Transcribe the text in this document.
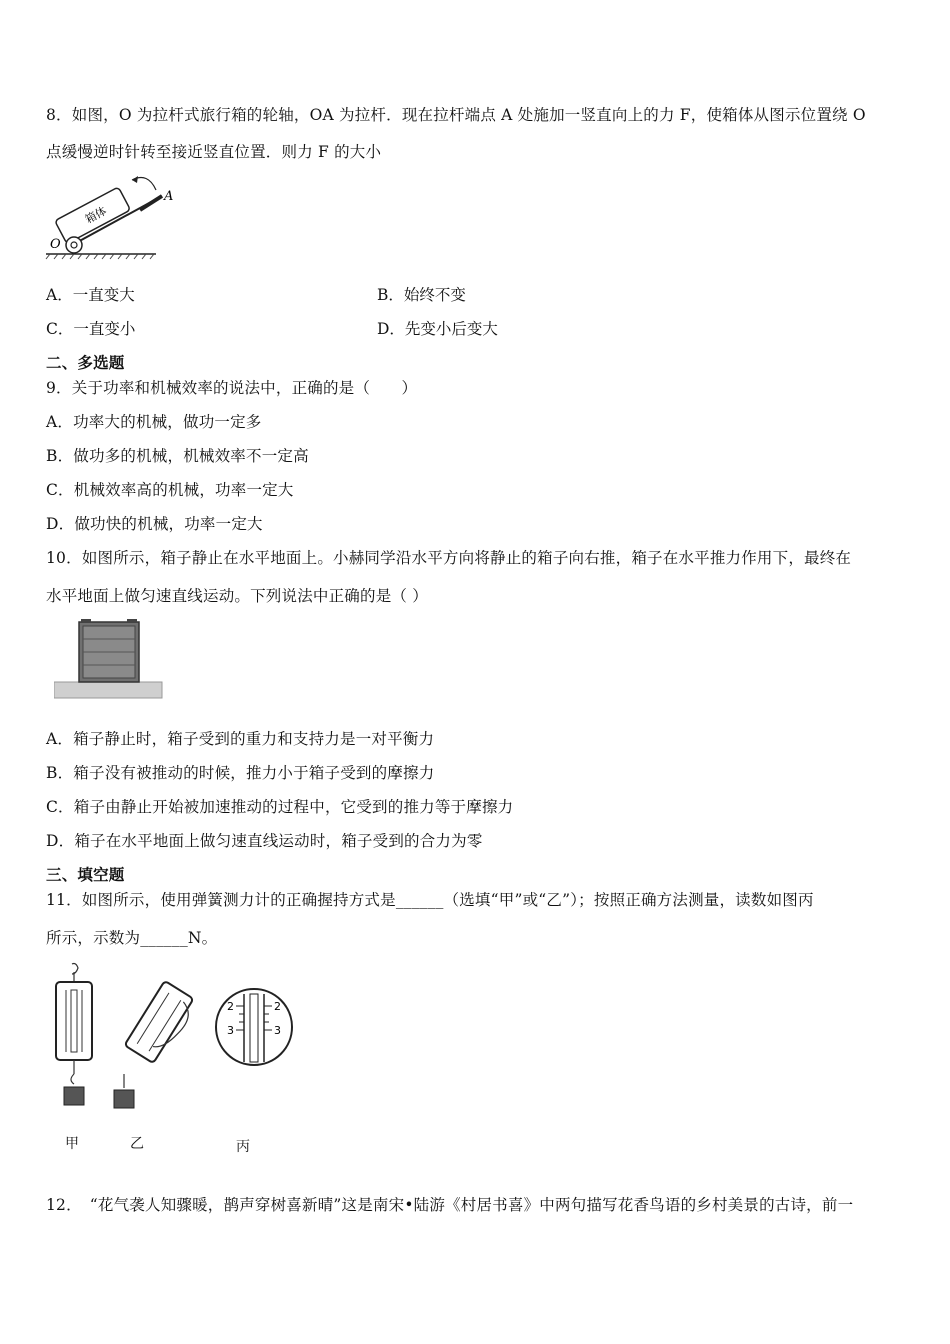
8．如图，O 为拉杆式旅行箱的轮轴，OA 为拉杆．现在拉杆端点 A 处施加一竖直向上的力 F，使箱体从图示位置绕 O
点缓慢逆时针转至接近竖直位置．则力 F 的大小
箱体
A
O
A．一直变大	B．始终不变
C．一直变小	D．先变小后变大
二、多选题
9．关于功率和机械效率的说法中，正确的是（　　）
A．功率大的机械，做功一定多
B．做功多的机械，机械效率不一定高
C．机械效率高的机械，功率一定大
D．做功快的机械，功率一定大
10．如图所示，箱子静止在水平地面上。小赫同学沿水平方向将静止的箱子向右推，箱子在水平推力作用下，最终在
水平地面上做匀速直线运动。下列说法中正确的是（ ）
A．箱子静止时，箱子受到的重力和支持力是一对平衡力
B．箱子没有被推动的时候，推力小于箱子受到的摩擦力
C．箱子由静止开始被加速推动的过程中，它受到的推力等于摩擦力
D．箱子在水平地面上做匀速直线运动时，箱子受到的合力为零
三、填空题
11．如图所示，使用弹簧测力计的正确握持方式是______（选填“甲”或“乙”）；按照正确方法测量，读数如图丙
所示，示数为______N。
2
3
2
3
甲	乙	丙
12．　“花气袭人知骤暖，鹊声穿树喜新晴”这是南宋•陆游《村居书喜》中两句描写花香鸟语的乡村美景的古诗，前一
